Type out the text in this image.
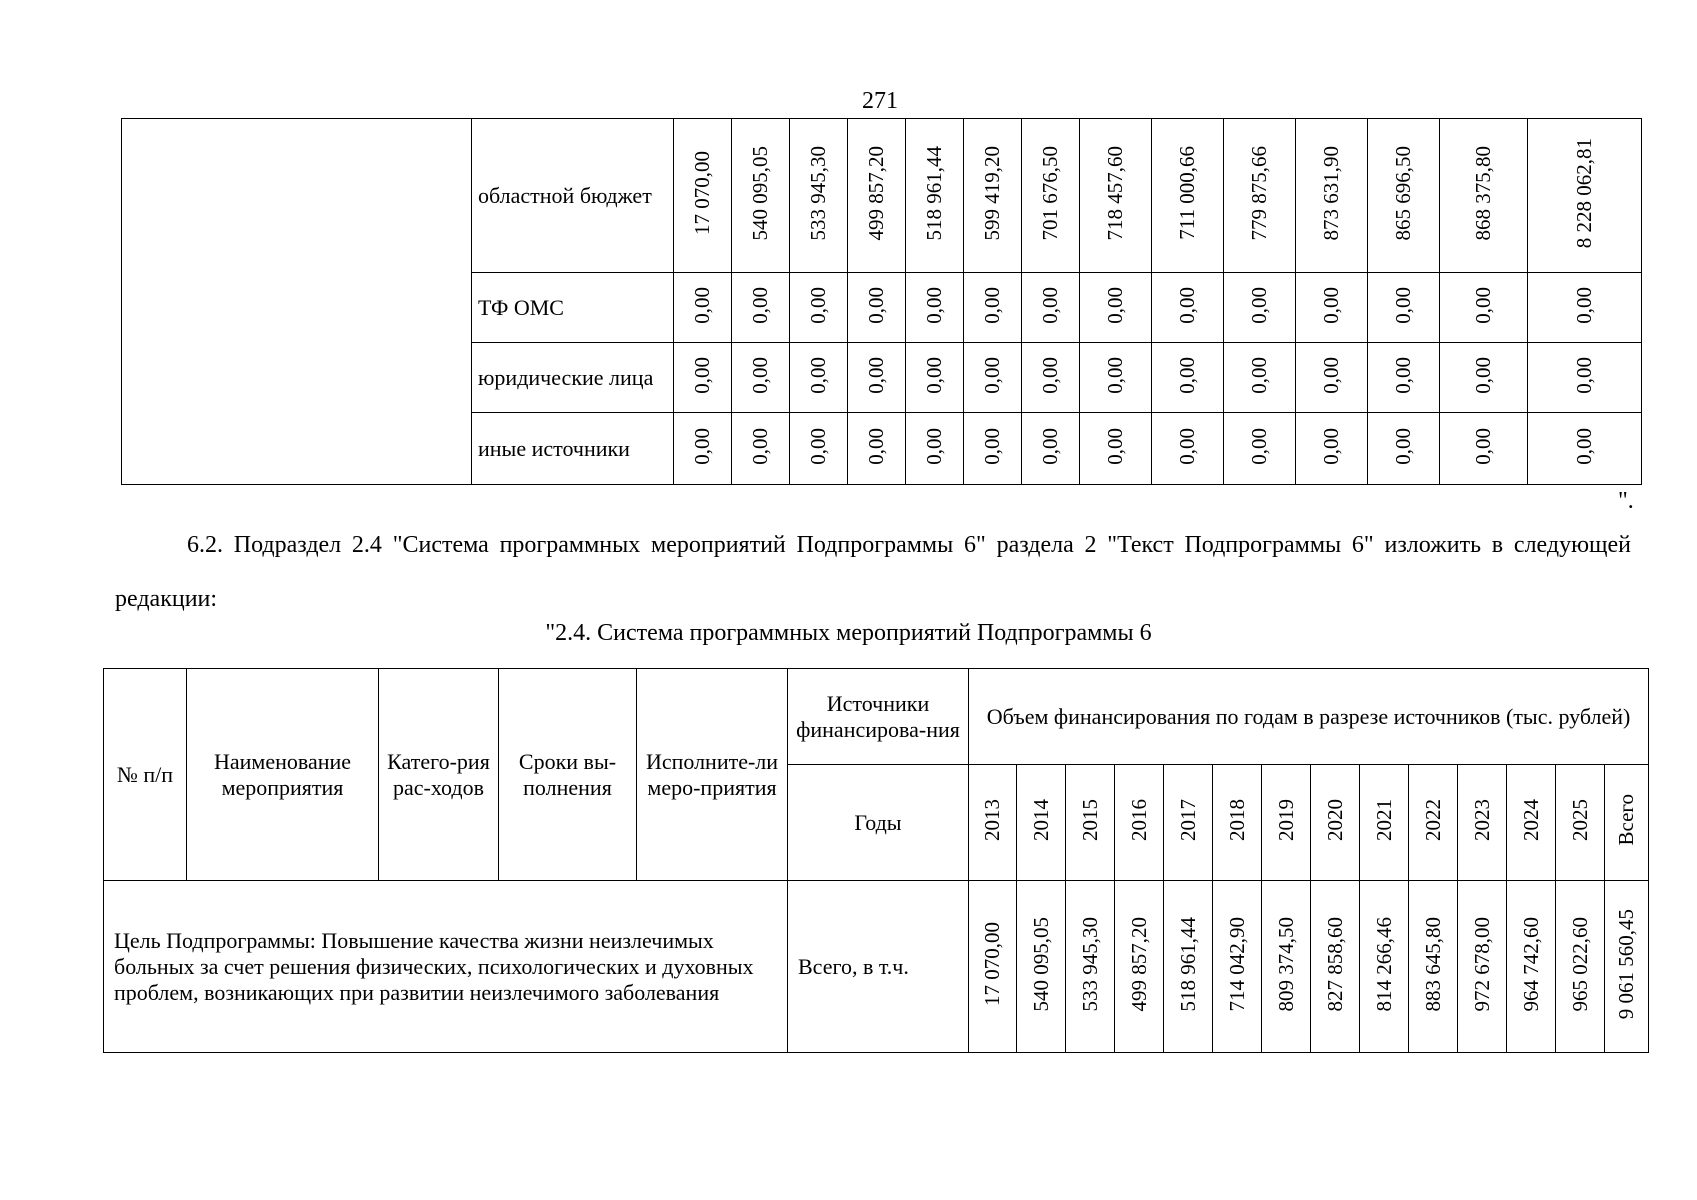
271
	областной бюджет	17 070,00	540 095,05	533 945,30	499 857,20	518 961,44	599 419,20	701 676,50	718 457,60	711 000,66	779 875,66	873 631,90	865 696,50	868 375,80	8 228 062,81
	ТФ ОМС	0,00	0,00	0,00	0,00	0,00	0,00	0,00	0,00	0,00	0,00	0,00	0,00	0,00	0,00
	юридические лица	0,00	0,00	0,00	0,00	0,00	0,00	0,00	0,00	0,00	0,00	0,00	0,00	0,00	0,00
	иные источники	0,00	0,00	0,00	0,00	0,00	0,00	0,00	0,00	0,00	0,00	0,00	0,00	0,00	0,00
".
6.2. Подраздел 2.4 "Система программных мероприятий Подпрограммы 6" раздела 2 "Текст Подпрограммы 6" изложить в следующей редакции:
"2.4. Система программных мероприятий Подпрограммы 6
№ п/п	Наименование мероприятия	Катего-рия рас-ходов	Сроки вы-полнения	Исполните-ли меро-приятия	Источники финансирова-ния	Объем финансирования по годам в разрезе источников (тыс. рублей)													
					Годы	2013	2014	2015	2016	2017	2018	2019	2020	2021	2022	2023	2024	2025	Всего
Цель Подпрограммы: Повышение качества жизни неизлечимых больных за счет решения физических, психологических и духовных проблем, возникающих при развитии неизлечимого заболевания					Всего, в т.ч.	17 070,00	540 095,05	533 945,30	499 857,20	518 961,44	714 042,90	809 374,50	827 858,60	814 266,46	883 645,80	972 678,00	964 742,60	965 022,60	9 061 560,45
